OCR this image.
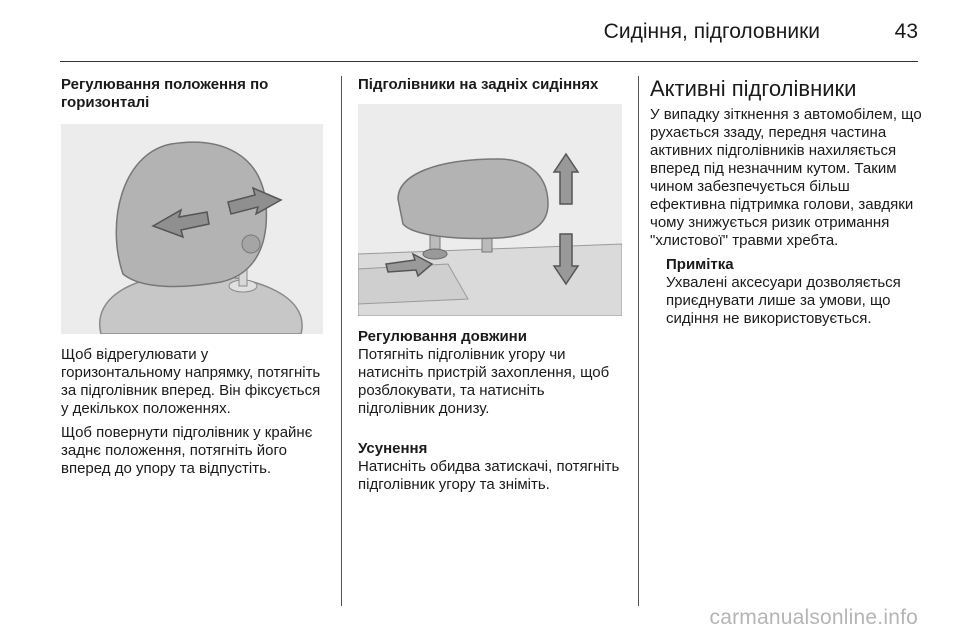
Сидіння, підголовники	43

Регулювання положення по горизонталі

Щоб відрегулювати у горизонтальному напрямку, потягніть за підголівник вперед. Він фіксується у декількох положеннях.

Щоб повернути підголівник у крайнє заднє положення, потягніть його вперед до упору та відпустіть.

Підголівники на задніх сидіннях

Регулювання довжини

Потягніть підголівник угору чи натисніть пристрій захоплення, щоб розблокувати, та натисніть підголівник донизу.

Усунення

Натисніть обидва затискачі, потягніть підголівник угору та зніміть.

Активні підголівники

У випадку зіткнення з автомобілем, що рухається ззаду, передня частина активних підголівників нахиляється вперед під незначним кутом. Таким чином забезпечується більш ефективна підтримка голови, завдяки чому знижується ризик отримання "хлистової" травми хребта.

Примітка

Ухвалені аксесуари дозволяється приєднувати лише за умови, що сидіння не використовується.

carmanualsonline.info
